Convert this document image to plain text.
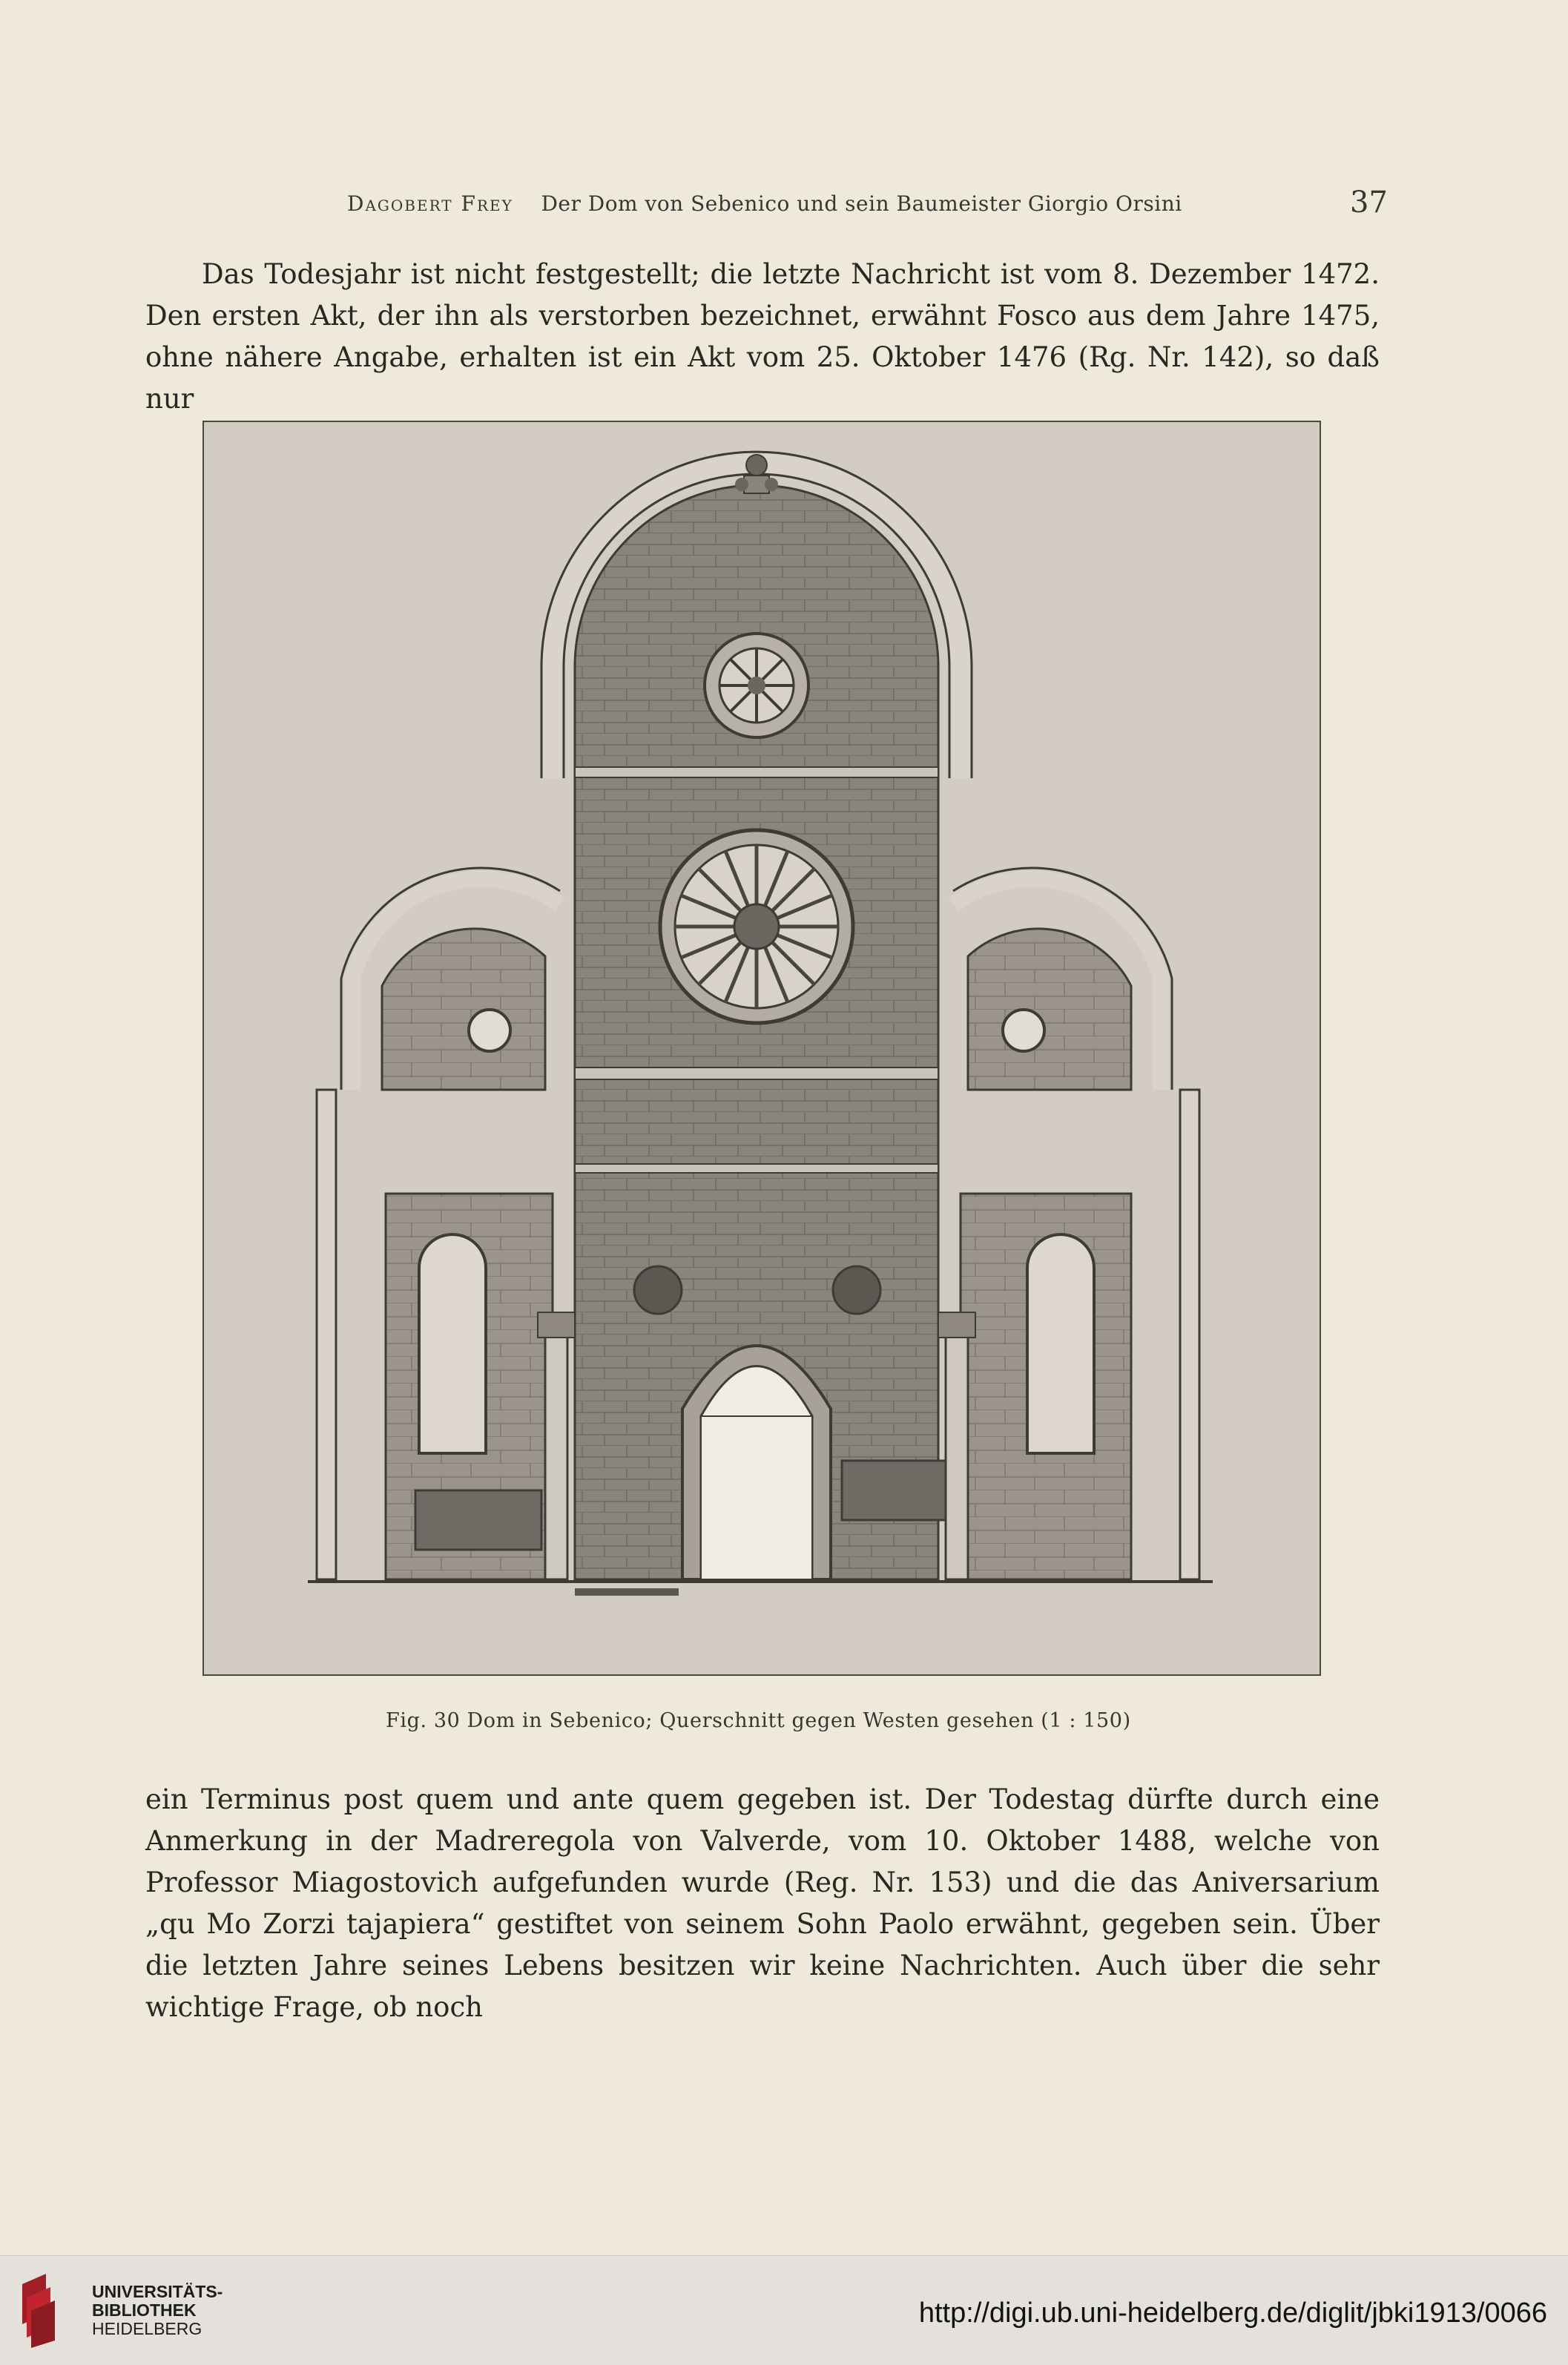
Dagobert Frey Der Dom von Sebenico und sein Baumeister Giorgio Orsini	37

Das Todesjahr ist nicht festgestellt; die letzte Nachricht ist vom 8. Dezember 1472. Den ersten Akt, der ihn als verstorben bezeichnet, erwähnt Fosco aus dem Jahre 1475, ohne nähere Angabe, erhalten ist ein Akt vom 25. Oktober 1476 (Rg. Nr. 142), so daß nur

Fig. 30 Dom in Sebenico; Querschnitt gegen Westen gesehen (1 : 150)

ein Terminus post quem und ante quem gegeben ist. Der Todestag dürfte durch eine Anmerkung in der Madreregola von Valverde, vom 10. Oktober 1488, welche von Professor Miagostovich aufgefunden wurde (Reg. Nr. 153) und die das Aniversarium „qu Mo Zorzi tajapiera“ gestiftet von seinem Sohn Paolo erwähnt, gegeben sein. Über die letzten Jahre seines Lebens besitzen wir keine Nachrichten. Auch über die sehr wichtige Frage, ob noch

UNIVERSITÄTS-
BIBLIOTHEK
HEIDELBERG	http://digi.ub.uni-heidelberg.de/diglit/jbki1913/0066
